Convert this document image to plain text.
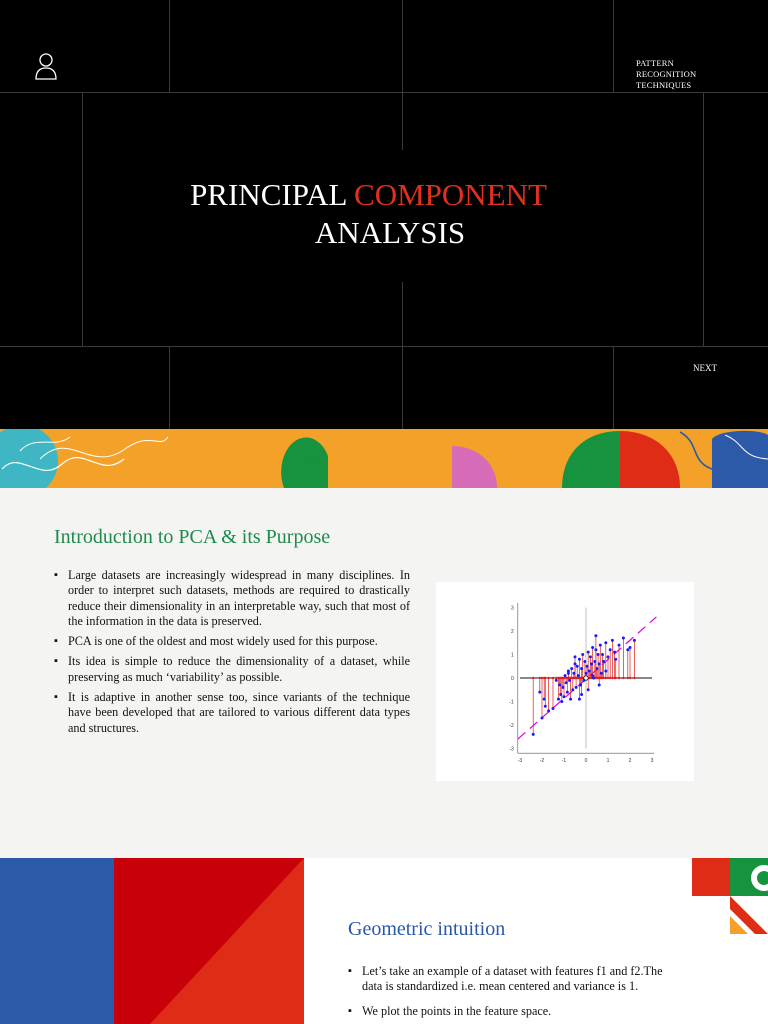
PATTERN RECOGNITION TECHNIQUES
PRINCIPAL COMPONENT
ANALYSIS
NEXT
Introduction to PCA & its Purpose
▪ Large datasets are increasingly widespread in many disciplines. In order to interpret such datasets, methods are required to drastically reduce their dimensionality in an interpretable way, such that most of the information in the data is preserved.
▪ PCA is one of the oldest and most widely used for this purpose.
▪ Its idea is simple to reduce the dimensionality of a dataset, while preserving as much ‘variability’ as possible.
▪ It is adaptive in another sense too, since variants of the technique have been developed that are tailored to various different data types and structures.
-3	-2	-1	0	1	2	3
3
2
1
0
-1
-2
-3
Geometric intuition
▪ Let’s take an example of a dataset with features f1 and f2.The data is standardized i.e. mean centered and variance is 1.
▪ We plot the points in the feature space.
